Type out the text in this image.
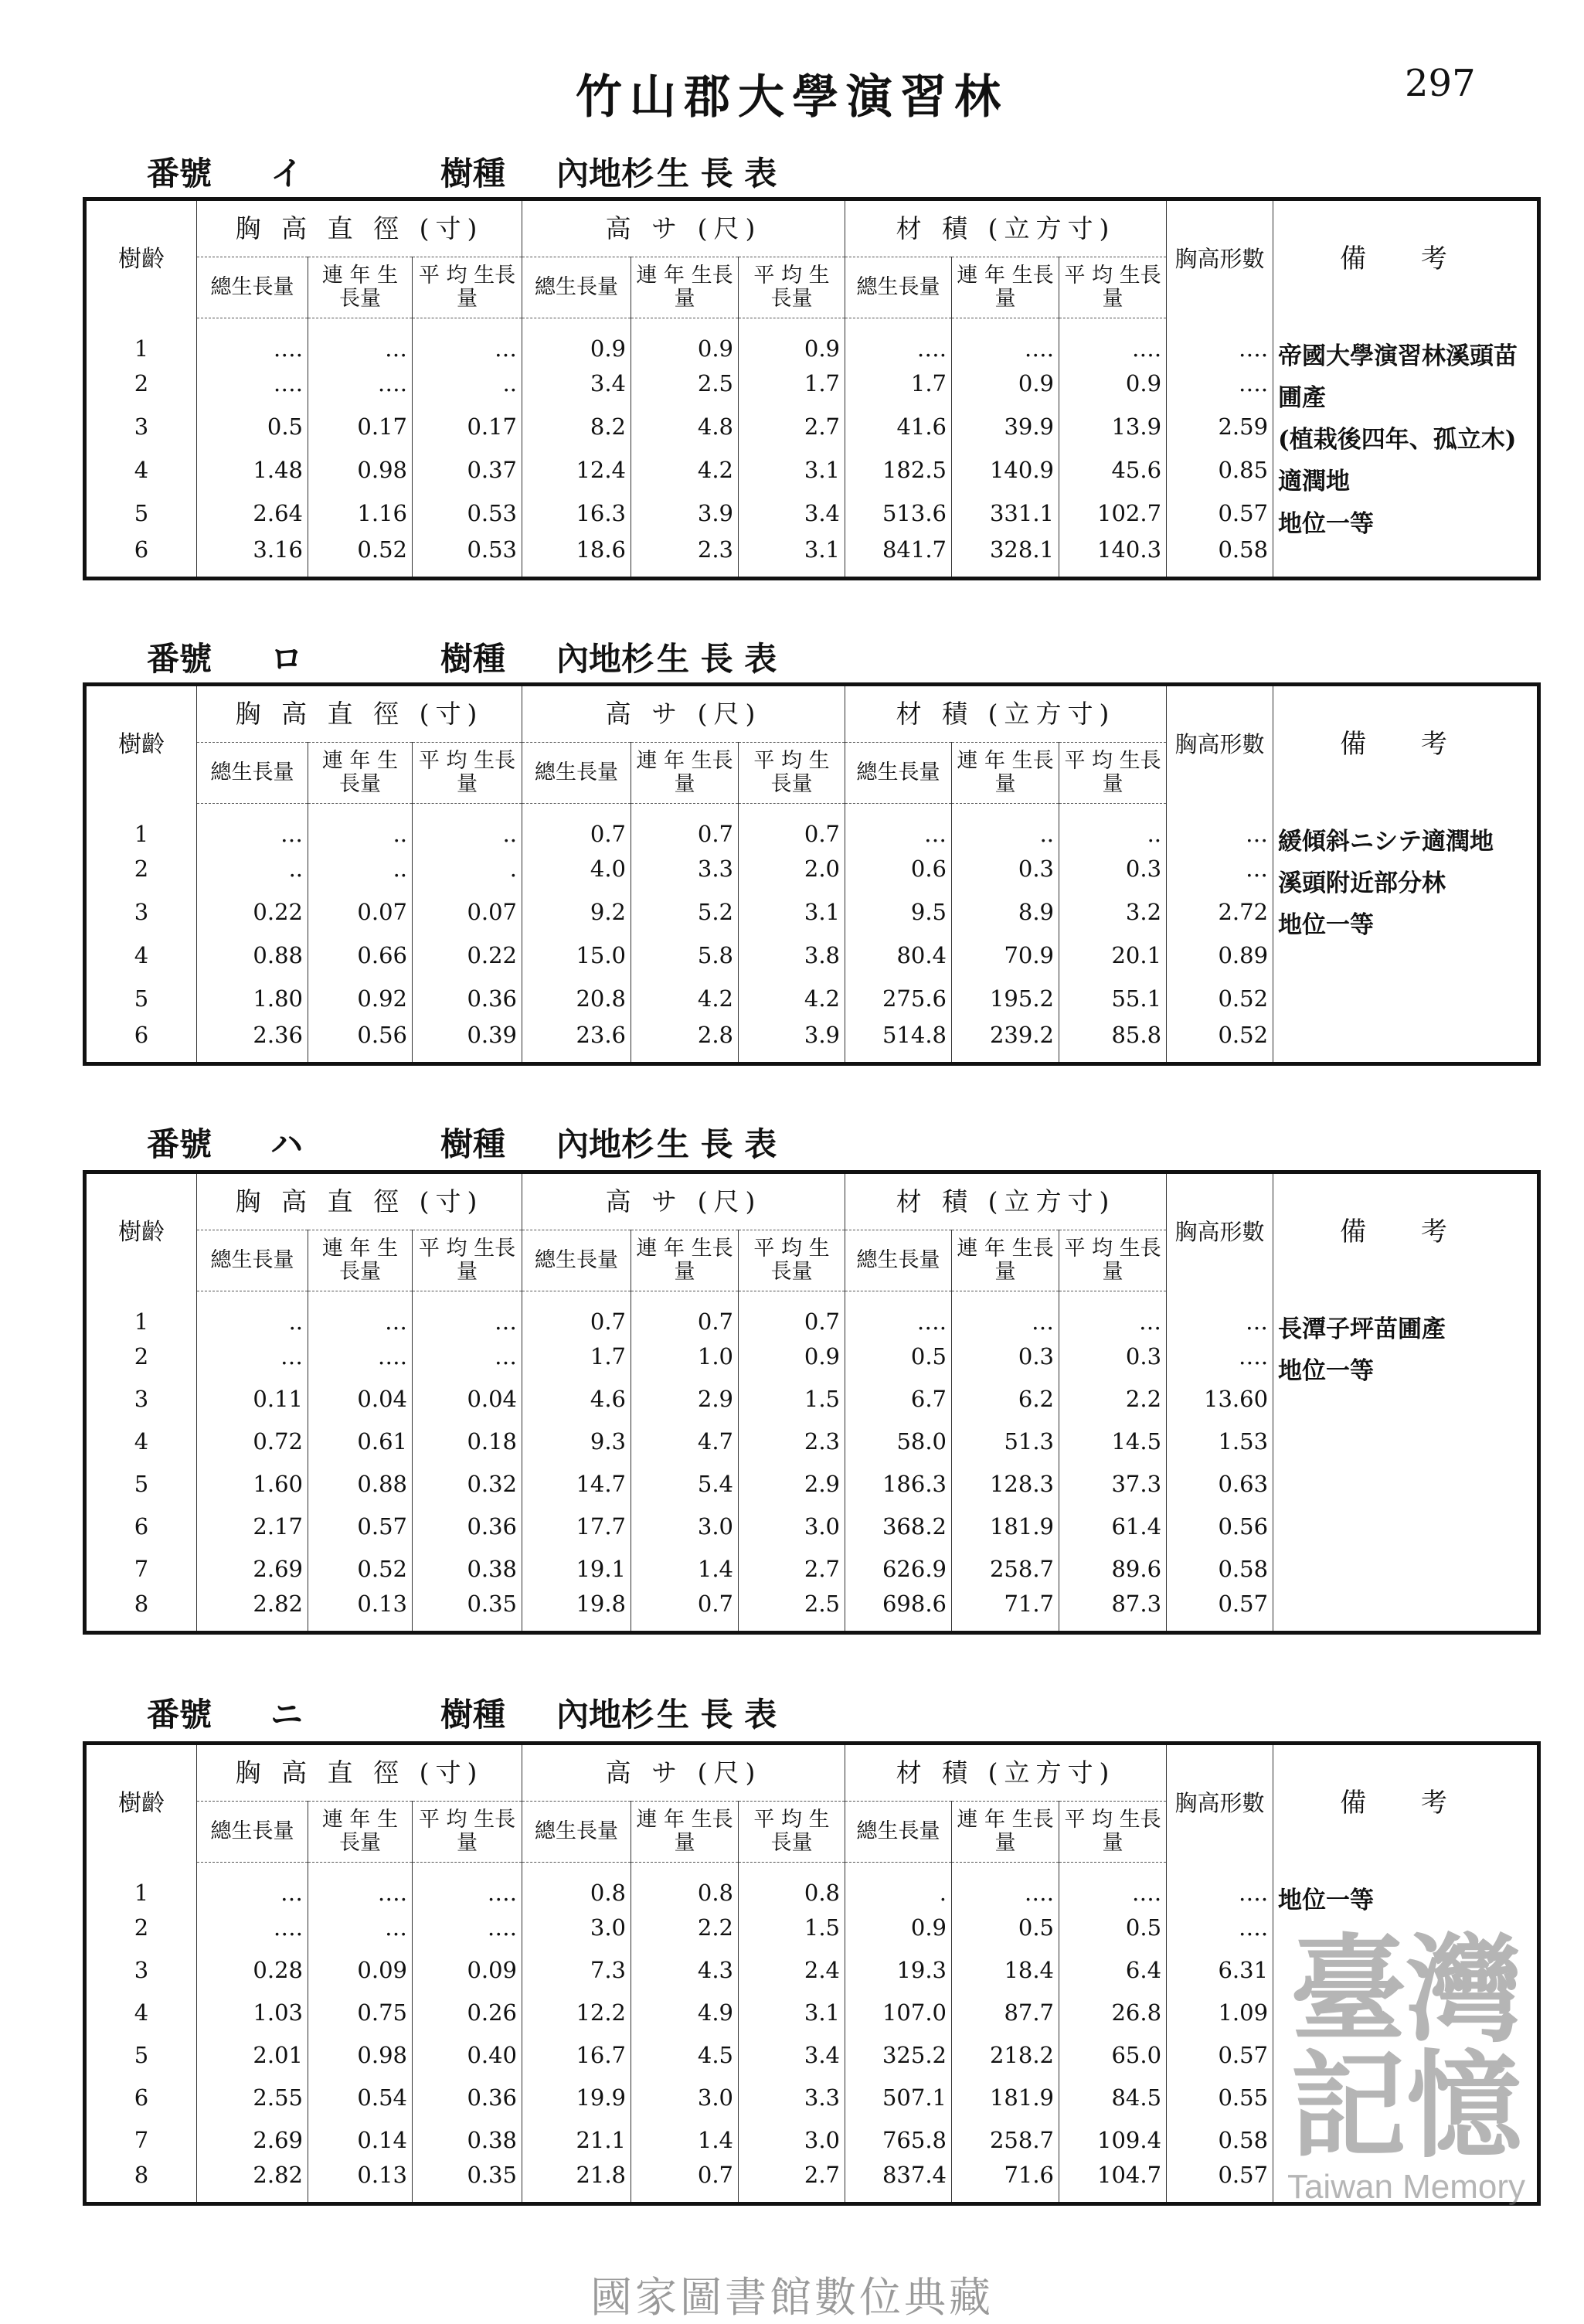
竹山郡大學演習林	297
番號 イ	樹種 內地杉生 長 表
樹齡	胸 高 直 徑 (寸)			高 サ (尺)			材 積 (立方寸)			胸高形數	備 考
	總生長量	連 年 生長量	平 均 生長量	總生長量	連 年 生長量	平 均 生長量	總生長量	連 年 生長量	平 均 生長量		
1	….	…	…	0.9	0.9	0.9	….	….	….	….	帝國大學演習林溪頭苗圃產
(植栽後四年、孤立木)
適潤地
地位一等

2	….	….	..	3.4	2.5	1.7	1.7	0.9	0.9	….	
3	0.5	0.17	0.17	8.2	4.8	2.7	41.6	39.9	13.9	2.59	
4	1.48	0.98	0.37	12.4	4.2	3.1	182.5	140.9	45.6	0.85	
5	2.64	1.16	0.53	16.3	3.9	3.4	513.6	331.1	102.7	0.57	
6	3.16	0.52	0.53	18.6	2.3	3.1	841.7	328.1	140.3	0.58	
番號 ロ	樹種 內地杉生 長 表
樹齡	胸 高 直 徑 (寸)			高 サ (尺)			材 積 (立方寸)			胸高形數	備 考
	總生長量	連 年 生長量	平 均 生長量	總生長量	連 年 生長量	平 均 生長量	總生長量	連 年 生長量	平 均 生長量		
1	…	..	..	0.7	0.7	0.7	…	..	..	…	緩傾斜ニシテ適潤地
溪頭附近部分林
地位一等

2	..	..	.	4.0	3.3	2.0	0.6	0.3	0.3	…	
3	0.22	0.07	0.07	9.2	5.2	3.1	9.5	8.9	3.2	2.72	
4	0.88	0.66	0.22	15.0	5.8	3.8	80.4	70.9	20.1	0.89	
5	1.80	0.92	0.36	20.8	4.2	4.2	275.6	195.2	55.1	0.52	
6	2.36	0.56	0.39	23.6	2.8	3.9	514.8	239.2	85.8	0.52	
番號 ハ	樹種 內地杉生 長 表
樹齡	胸 高 直 徑 (寸)			高 サ (尺)			材 積 (立方寸)			胸高形數	備 考
	總生長量	連 年 生長量	平 均 生長量	總生長量	連 年 生長量	平 均 生長量	總生長量	連 年 生長量	平 均 生長量		
1	..	…	…	0.7	0.7	0.7	….	…	…	…	長潭子坪苗圃產
地位一等

2	…	….	…	1.7	1.0	0.9	0.5	0.3	0.3	….	
3	0.11	0.04	0.04	4.6	2.9	1.5	6.7	6.2	2.2	13.60	
4	0.72	0.61	0.18	9.3	4.7	2.3	58.0	51.3	14.5	1.53	
5	1.60	0.88	0.32	14.7	5.4	2.9	186.3	128.3	37.3	0.63	
6	2.17	0.57	0.36	17.7	3.0	3.0	368.2	181.9	61.4	0.56	
7	2.69	0.52	0.38	19.1	1.4	2.7	626.9	258.7	89.6	0.58	
8	2.82	0.13	0.35	19.8	0.7	2.5	698.6	71.7	87.3	0.57	
番號 ニ	樹種 內地杉生 長 表
樹齡	胸 高 直 徑 (寸)			高 サ (尺)			材 積 (立方寸)			胸高形數	備 考
	總生長量	連 年 生長量	平 均 生長量	總生長量	連 年 生長量	平 均 生長量	總生長量	連 年 生長量	平 均 生長量		
1	…	….	….	0.8	0.8	0.8	.	….	….	….	地位一等

2	….	…	….	3.0	2.2	1.5	0.9	0.5	0.5	….	
3	0.28	0.09	0.09	7.3	4.3	2.4	19.3	18.4	6.4	6.31	
4	1.03	0.75	0.26	12.2	4.9	3.1	107.0	87.7	26.8	1.09	
5	2.01	0.98	0.40	16.7	4.5	3.4	325.2	218.2	65.0	0.57	
6	2.55	0.54	0.36	19.9	3.0	3.3	507.1	181.9	84.5	0.55	
7	2.69	0.14	0.38	21.1	1.4	3.0	765.8	258.7	109.4	0.58	
8	2.82	0.13	0.35	21.8	0.7	2.7	837.4	71.6	104.7	0.57	
臺灣記憶
Taiwan Memory
國家圖書館數位典藏
